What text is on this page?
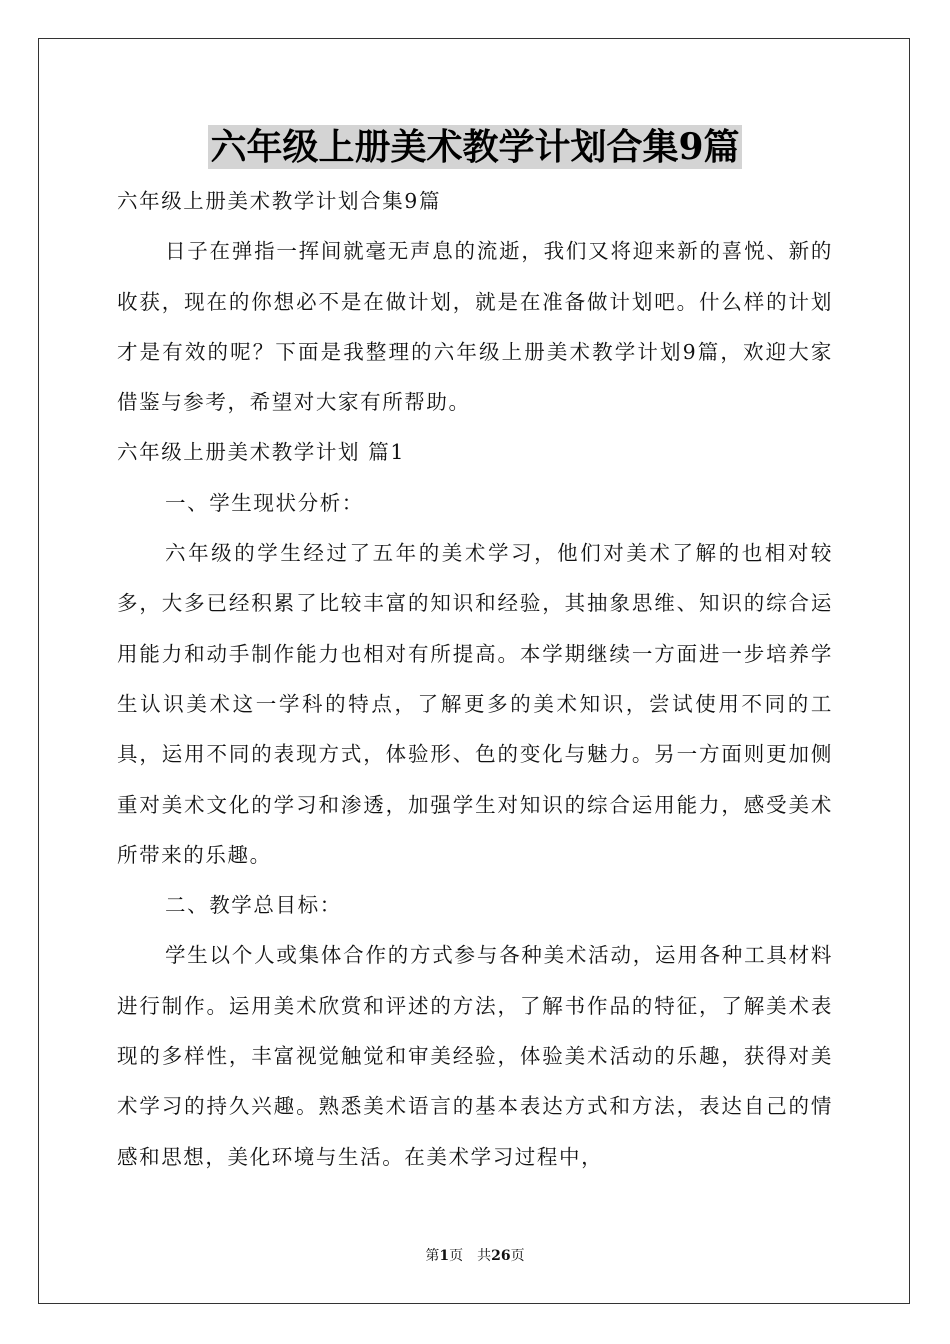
六年级上册美术教学计划合集9篇

六年级上册美术教学计划合集9篇

日子在弹指一挥间就毫无声息的流逝，我们又将迎来新的喜悦、新的收获，现在的你想必不是在做计划，就是在准备做计划吧。什么样的计划才是有效的呢？下面是我整理的六年级上册美术教学计划9篇，欢迎大家借鉴与参考，希望对大家有所帮助。

六年级上册美术教学计划 篇1

一、学生现状分析：

六年级的学生经过了五年的美术学习，他们对美术了解的也相对较多，大多已经积累了比较丰富的知识和经验，其抽象思维、知识的综合运用能力和动手制作能力也相对有所提高。本学期继续一方面进一步培养学生认识美术这一学科的特点，了解更多的美术知识，尝试使用不同的工具，运用不同的表现方式，体验形、色的变化与魅力。另一方面则更加侧重对美术文化的学习和渗透，加强学生对知识的综合运用能力，感受美术所带来的乐趣。

二、教学总目标：

学生以个人或集体合作的方式参与各种美术活动，运用各种工具材料进行制作。运用美术欣赏和评述的方法，了解书作品的特征，了解美术表现的多样性，丰富视觉触觉和审美经验，体验美术活动的乐趣，获得对美术学习的持久兴趣。熟悉美术语言的基本表达方式和方法，表达自己的情感和思想，美化环境与生活。在美术学习过程中，

第1页　共26页
